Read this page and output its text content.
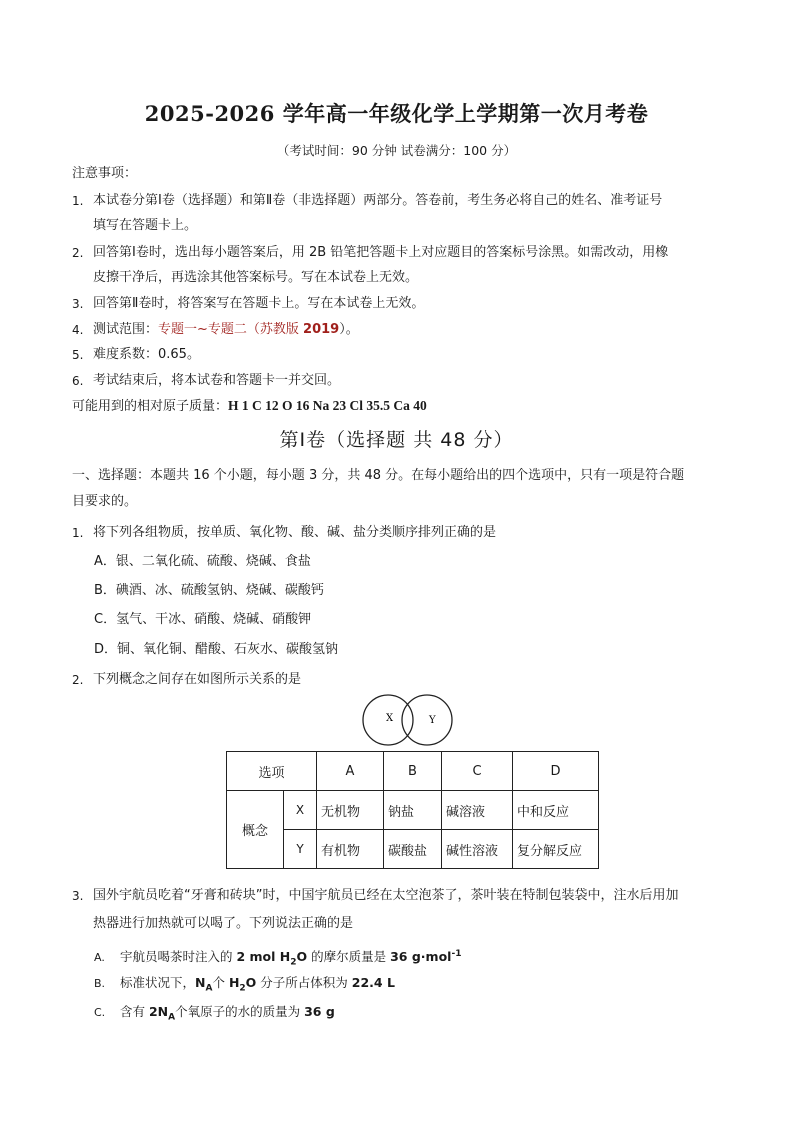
2025-2026 学年高一年级化学上学期第一次月考卷
（考试时间：90 分钟 试卷满分：100 分）
注意事项：
1. 本试卷分第Ⅰ卷（选择题）和第Ⅱ卷（非选择题）两部分。答卷前，考生务必将自己的姓名、准考证号
填写在答题卡上。
2. 回答第Ⅰ卷时，选出每小题答案后，用 2B 铅笔把答题卡上对应题目的答案标号涂黑。如需改动，用橡
皮擦干净后，再选涂其他答案标号。写在本试卷上无效。
3. 回答第Ⅱ卷时，将答案写在答题卡上。写在本试卷上无效。
4. 测试范围：专题一~专题二（苏教版 2019）。
5. 难度系数：0.65。
6. 考试结束后，将本试卷和答题卡一并交回。
可能用到的相对原子质量：H 1 C 12 O 16 Na 23 Cl 35.5 Ca 40
第Ⅰ卷（选择题 共 48 分）
一、选择题：本题共 16 个小题，每小题 3 分，共 48 分。在每小题给出的四个选项中，只有一项是符合题
目要求的。
1. 将下列各组物质，按单质、氧化物、酸、碱、盐分类顺序排列正确的是
A．银、二氧化硫、硫酸、烧碱、食盐
B．碘酒、冰、硫酸氢钠、烧碱、碳酸钙
C．氢气、干冰、硝酸、烧碱、硝酸钾
D．铜、氧化铜、醋酸、石灰水、碳酸氢钠
2. 下列概念之间存在如图所示关系的是
X	Y
选项		A	B	C	D
概念	X	无机物	钠盐	碱溶液	中和反应
	Y	有机物	碳酸盐	碱性溶液	复分解反应
3. 国外宇航员吃着“牙膏和砖块”时，中国宇航员已经在太空泡茶了，茶叶装在特制包装袋中，注水后用加
热器进行加热就可以喝了。下列说法正确的是
A. 宇航员喝茶时注入的 2 mol $H_2O$ 的摩尔质量是 36 g·mol$^{-1}$
B. 标准状况下，$N_A$个 $H_2O$ 分子所占体积为 22.4 L
C. 含有 $2N_A$个氧原子的水的质量为 36 g
